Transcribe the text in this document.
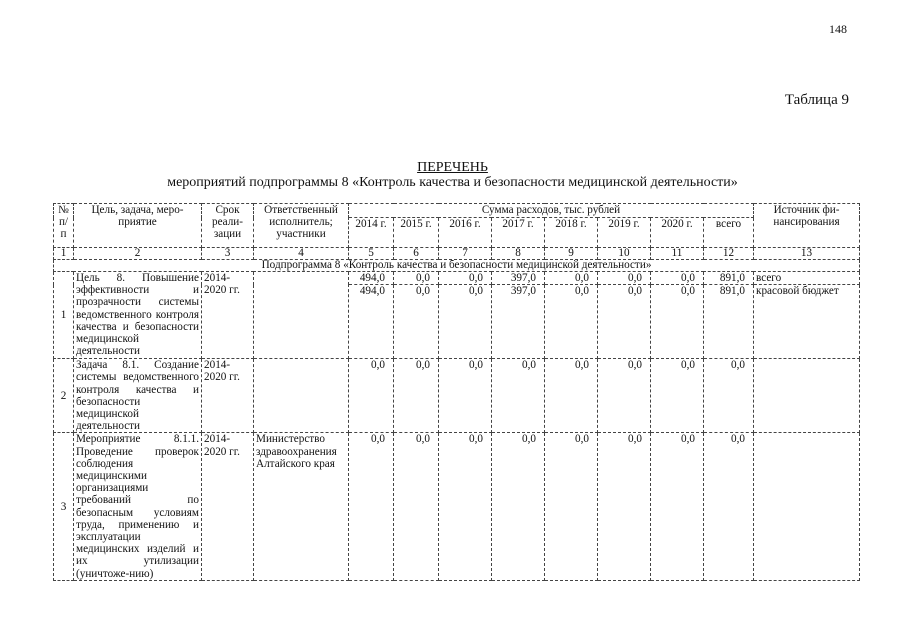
148
Таблица 9
ПЕРЕЧЕНЬ
мероприятий подпрограммы 8 «Контроль качества и безопасности медицинской деятельности»
№ п/п	Цель, задача, меро-приятие	Срок реали-зации	Ответственный исполнитель; участники	Сумма расходов, тыс. рублей								Источник фи-нансирования
				2014 г.	2015 г.	2016 г.	2017 г.	2018 г.	2019 г.	2020 г.	всего	
1	2	3	4	5	6	7	8	9	10	11	12	13
Подпрограмма 8 «Контроль качества и безопасности медицинской деятельности»												
1	Цель 8. Повышение эффективности и прозрачности системы ведомственного контроля качества и безопасности медицинской деятельности	2014-2020 гг.		494,0	0,0	0,0	397,0	0,0	0,0	0,0	891,0	всего
				494,0	0,0	0,0	397,0	0,0	0,0	0,0	891,0	красовой бюджет
2	Задача 8.1. Создание системы ведомственного контроля качества и безопасности медицинской деятельности	2014-2020 гг.		0,0	0,0	0,0	0,0	0,0	0,0	0,0	0,0	
3	Мероприятие 8.1.1. Проведение проверок соблюдения медицинскими организациями требований по безопасным условиям труда, применению и эксплуатации медицинских изделий и их утилизации (уничтоже-нию)	2014-2020 гг.	Министерство здравоохранения Алтайского края	0,0	0,0	0,0	0,0	0,0	0,0	0,0	0,0	
